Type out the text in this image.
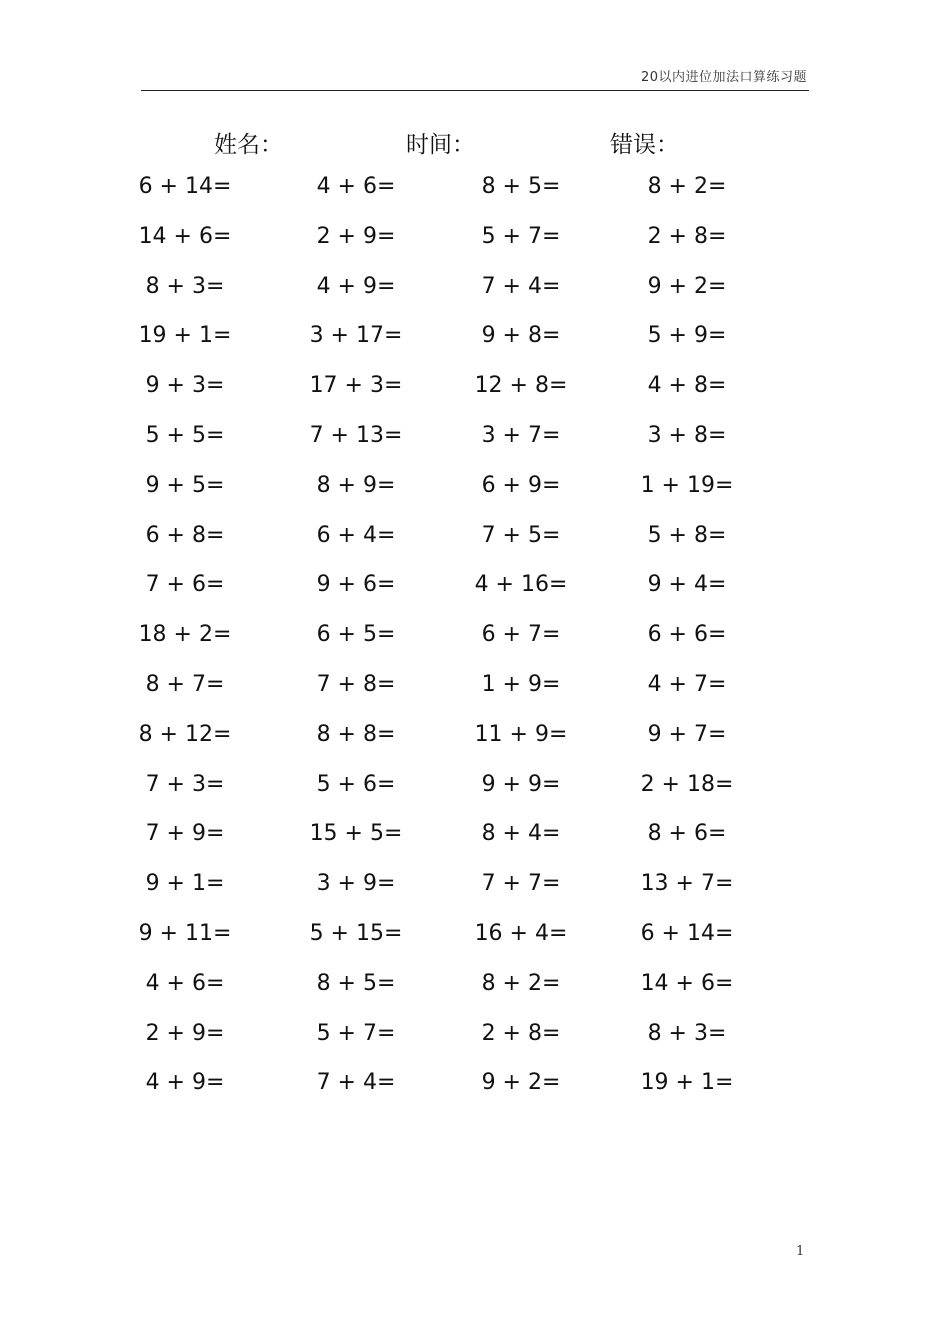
20以内进位加法口算练习题
姓名：	时间：	错误：
6 + 14=	4 + 6=	8 + 5=	8 + 2=
14 + 6=	2 + 9=	5 + 7=	2 + 8=
8 + 3=	4 + 9=	7 + 4=	9 + 2=
19 + 1=	3 + 17=	9 + 8=	5 + 9=
9 + 3=	17 + 3=	12 + 8=	4 + 8=
5 + 5=	7 + 13=	3 + 7=	3 + 8=
9 + 5=	8 + 9=	6 + 9=	1 + 19=
6 + 8=	6 + 4=	7 + 5=	5 + 8=
7 + 6=	9 + 6=	4 + 16=	9 + 4=
18 + 2=	6 + 5=	6 + 7=	6 + 6=
8 + 7=	7 + 8=	1 + 9=	4 + 7=
8 + 12=	8 + 8=	11 + 9=	9 + 7=
7 + 3=	5 + 6=	9 + 9=	2 + 18=
7 + 9=	15 + 5=	8 + 4=	8 + 6=
9 + 1=	3 + 9=	7 + 7=	13 + 7=
9 + 11=	5 + 15=	16 + 4=	6 + 14=
4 + 6=	8 + 5=	8 + 2=	14 + 6=
2 + 9=	5 + 7=	2 + 8=	8 + 3=
4 + 9=	7 + 4=	9 + 2=	19 + 1=
1
